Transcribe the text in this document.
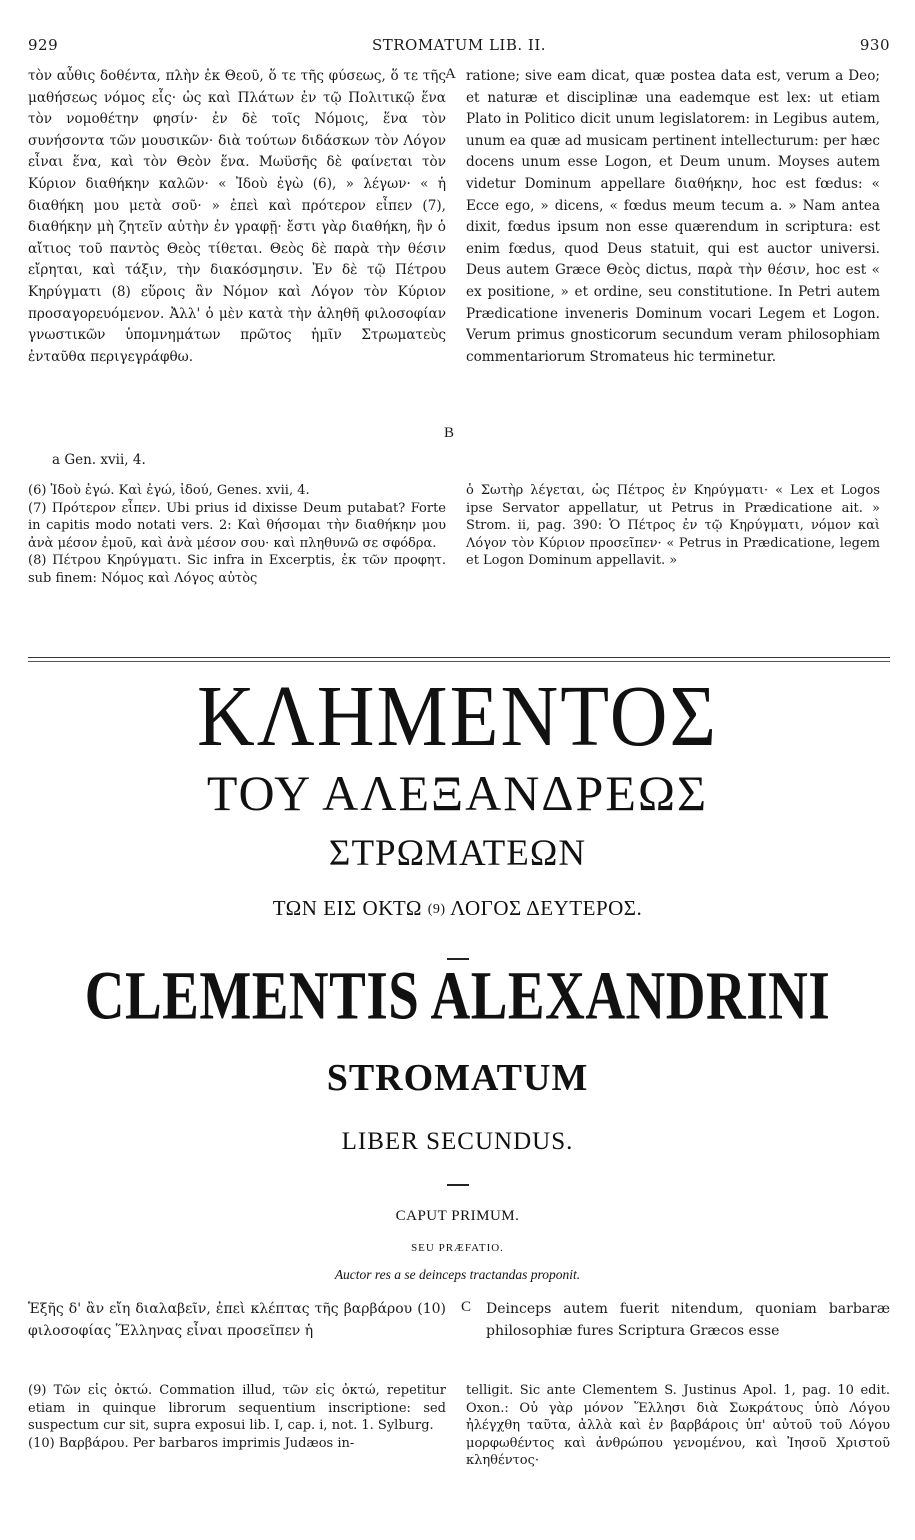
929	STROMATUM LIB. II.	930
A
B
C

τὸν αὖθις δοθέντα, πλὴν ἐκ Θεοῦ, ὅ τε τῆς φύσεως, ὅ τε τῆς μαθήσεως νόμος εἷς· ὡς καὶ Πλάτων ἐν τῷ Πολιτικῷ ἕνα τὸν νομοθέτην φησίν· ἐν δὲ τοῖς Νόμοις, ἕνα τὸν συνήσοντα τῶν μουσικῶν· διὰ τούτων διδάσκων τὸν Λόγον εἶναι ἕνα, καὶ τὸν Θεὸν ἕνα. Μωϋσῆς δὲ φαίνεται τὸν Κύριον διαθήκην καλῶν· « Ἰδοὺ ἐγὼ (6), » λέγων· « ἡ διαθήκη μου μετὰ σοῦ· » ἐπεὶ καὶ πρότερον εἶπεν (7), διαθήκην μὴ ζητεῖν αὐτὴν ἐν γραφῇ· ἔστι γὰρ διαθήκη, ἣν ὁ αἴτιος τοῦ παντὸς Θεὸς τίθεται. Θεὸς δὲ παρὰ τὴν θέσιν εἴρηται, καὶ τάξιν, τὴν διακόσμησιν. Ἐν δὲ τῷ Πέτρου Κηρύγματι (8) εὕροις ἂν Νόμον καὶ Λόγον τὸν Κύριον προσαγορευόμενον. Ἀλλ' ὁ μὲν κατὰ τὴν ἀληθῆ φιλοσοφίαν γνωστικῶν ὑπομνημάτων πρῶτος ἡμῖν Στρωματεὺς ἐνταῦθα περιγεγράφθω.

ratione; sive eam dicat, quæ postea data est, verum a Deo; et naturæ et disciplinæ una eademque est lex: ut etiam Plato in Politico dicit unum legislatorem: in Legibus autem, unum ea quæ ad musicam pertinent intellecturum: per hæc docens unum esse Logon, et Deum unum. Moyses autem videtur Dominum appellare διαθήκην, hoc est fœdus: « Ecce ego, » dicens, « fœdus meum tecum a. » Nam antea dixit, fœdus ipsum non esse quærendum in scriptura: est enim fœdus, quod Deus statuit, qui est auctor universi. Deus autem Græce Θεὸς dictus, παρὰ τὴν θέσιν, hoc est « ex positione, » et ordine, seu constitutione. In Petri autem Prædicatione inveneris Dominum vocari Legem et Logon. Verum primus gnosticorum secundum veram philosophiam commentariorum Stromateus hic terminetur.

a Gen. xvii, 4.

(6) Ἰδοὺ ἐγώ. Καὶ ἐγώ, ἰδού, Genes. xvii, 4.

(7) Πρότερον εἶπεν. Ubi prius id dixisse Deum putabat? Forte in capitis modo notati vers. 2: Καὶ θήσομαι τὴν διαθήκην μου ἀνὰ μέσον ἐμοῦ, καὶ ἀνὰ μέσον σου· καὶ πληθυνῶ σε σφόδρα.

(8) Πέτρου Κηρύγματι. Sic infra in Excerptis, ἐκ τῶν προφητ. sub finem: Νόμος καὶ Λόγος αὐτὸς

ὁ Σωτὴρ λέγεται, ὡς Πέτρος ἐν Κηρύγματι· « Lex et Logos ipse Servator appellatur, ut Petrus in Prædicatione ait. » Strom. ii, pag. 390: Ὁ Πέτρος ἐν τῷ Κηρύγματι, νόμον καὶ Λόγον τὸν Κύριον προσεῖπεν· « Petrus in Prædicatione, legem et Logon Dominum appellavit. »

ΚΛΗΜΕΝΤΟΣ
ΤΟΥ ΑΛΕΞΑΝΔΡΕΩΣ
ΣΤΡΩΜΑΤΕΩΝ
ΤΩΝ ΕΙΣ ΟΚΤΩ (9) ΛΟΓΟΣ ΔΕΥΤΕΡΟΣ.
CLEMENTIS ALEXANDRINI
STROMATUM
LIBER SECUNDUS.
CAPUT PRIMUM.
SEU PRÆFATIO.
Auctor res a se deinceps tractandas proponit.

Ἑξῆς δ' ἂν εἴη διαλαβεῖν, ἐπεὶ κλέπτας τῆς βαρβάρου (10) φιλοσοφίας Ἕλληνας εἶναι προσεῖπεν ἡ

Deinceps autem fuerit nitendum, quoniam barbaræ philosophiæ fures Scriptura Græcos esse

(9) Τῶν εἰς ὀκτώ. Commation illud, τῶν εἰς ὀκτώ, repetitur etiam in quinque librorum sequentium inscriptione: sed suspectum cur sit, supra exposui lib. I, cap. i, not. 1. Sylburg.

(10) Βαρβάρου. Per barbaros imprimis Judæos in-

telligit. Sic ante Clementem S. Justinus Apol. 1, pag. 10 edit. Oxon.: Οὐ γὰρ μόνον Ἕλλησι διὰ Σωκράτους ὑπὸ Λόγου ἠλέγχθη ταῦτα, ἀλλὰ καὶ ἐν βαρβάροις ὑπ' αὐτοῦ τοῦ Λόγου μορφωθέντος καὶ ἀνθρώπου γενομένου, καὶ Ἰησοῦ Χριστοῦ κληθέντος·
